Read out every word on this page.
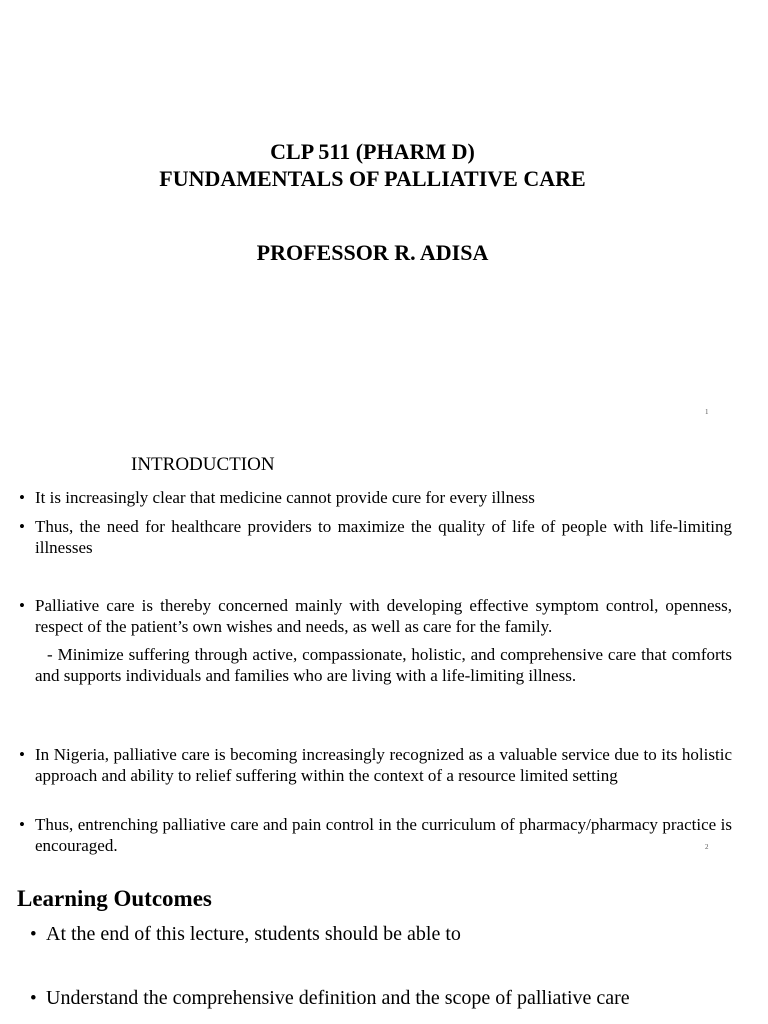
CLP 511 (PHARM D)
FUNDAMENTALS OF PALLIATIVE CARE
PROFESSOR R. ADISA
1
INTRODUCTION
• It is increasingly clear that medicine cannot provide cure for every illness
• Thus, the need for healthcare providers to maximize the quality of life of people with life-limiting illnesses
• Palliative care is thereby concerned mainly with developing effective symptom control, openness, respect of the patient’s own wishes and needs, as well as care for the family.
- Minimize suffering through active, compassionate, holistic, and comprehensive care that comforts and supports individuals and families who are living with a life-limiting illness.
• In Nigeria, palliative care is becoming increasingly recognized as a valuable service due to its holistic approach and ability to relief suffering within the context of a resource limited setting
• Thus, entrenching palliative care and pain control in the curriculum of pharmacy/pharmacy practice is encouraged.	2
Learning Outcomes
• At the end of this lecture, students should be able to
• Understand the comprehensive definition and the scope of palliative care
